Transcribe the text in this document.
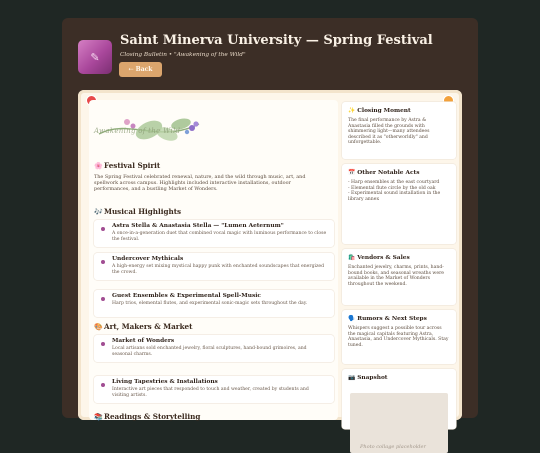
✎
Saint Minerva University — Spring Festival
Closing Bulletin • "Awakening of the Wild"
⇠ Back
Awakening of the Wild
🌸Festival Spirit
The Spring Festival celebrated renewal, nature, and the wild through music, art, and spellwork across campus. Highlights included interactive installations, outdoor performances, and a bustling Market of Wonders.
🎶Musical Highlights
Astra Stella & Anastasia Stella — "Lumen Aeternum"
A once-in-a-generation duet that combined vocal magic with luminous performance to close the festival.
Undercover Mythicals
A high-energy set mixing mystical happy punk with enchanted soundscapes that energized the crowd.
Guest Ensembles & Experimental Spell-Music
Harp trios, elemental flutes, and experimental sonic-magic sets throughout the day.
🎨Art, Makers & Market
Market of Wonders
Local artisans sold enchanted jewelry, floral sculptures, hand-bound grimoires, and seasonal charms.
Living Tapestries & Installations
Interactive art pieces that responded to touch and weather, created by students and visiting artists.
📚Readings & Storytelling
✨ Closing Moment
The final performance by Astra & Anastasia filled the grounds with shimmering light—many attendees described it as "otherworldly" and unforgettable.
📅 Other Notable Acts
- Harp ensembles at the east courtyard
- Elemental flute circle by the old oak
- Experimental sound installation in the library annex
🛍️ Vendors & Sales
Enchanted jewelry, charms, prints, hand-bound books, and seasonal wreaths were available in the Market of Wonders throughout the weekend.
🗣️ Rumors & Next Steps
Whispers suggest a possible tour across the magical capitals featuring Astra, Anastasia, and Undercover Mythicals. Stay tuned.
📷 Snapshot
Photo collage placeholder
